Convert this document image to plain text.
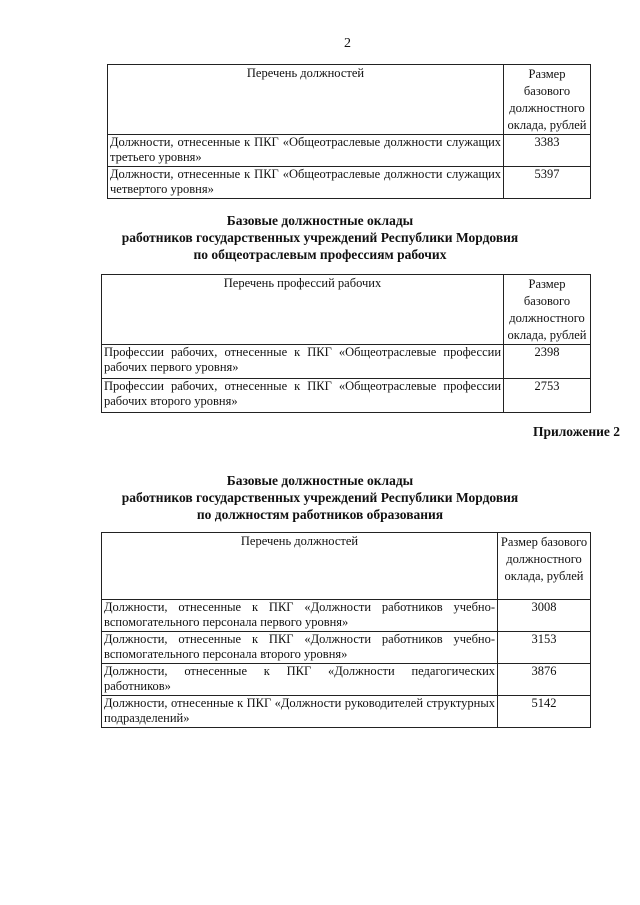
2
Перечень должностей	Размер базового должностного оклада, рублей
Должности, отнесенные к ПКГ «Общеотраслевые должности служащих третьего уровня»	3383
Должности, отнесенные к ПКГ «Общеотраслевые должности служащих четвертого уровня»	5397
Базовые должностные оклады
работников государственных учреждений Республики Мордовия
по общеотраслевым профессиям рабочих
Перечень профессий рабочих	Размер базового должностного оклада, рублей
Профессии рабочих, отнесенные к ПКГ «Общеотраслевые профессии рабочих первого уровня»	2398
Профессии рабочих, отнесенные к ПКГ «Общеотраслевые профессии рабочих второго уровня»	2753
Приложение 2
Базовые должностные оклады
работников государственных учреждений Республики Мордовия
по должностям работников образования
Перечень должностей	Размер базового должностного оклада, рублей
Должности, отнесенные к ПКГ «Должности работников учебно-вспомогательного персонала первого уровня»	3008
Должности, отнесенные к ПКГ «Должности работников учебно-вспомогательного персонала второго уровня»	3153
Должности, отнесенные к ПКГ «Должности педагогических работников»	3876
Должности, отнесенные к ПКГ «Должности руководителей структурных подразделений»	5142
